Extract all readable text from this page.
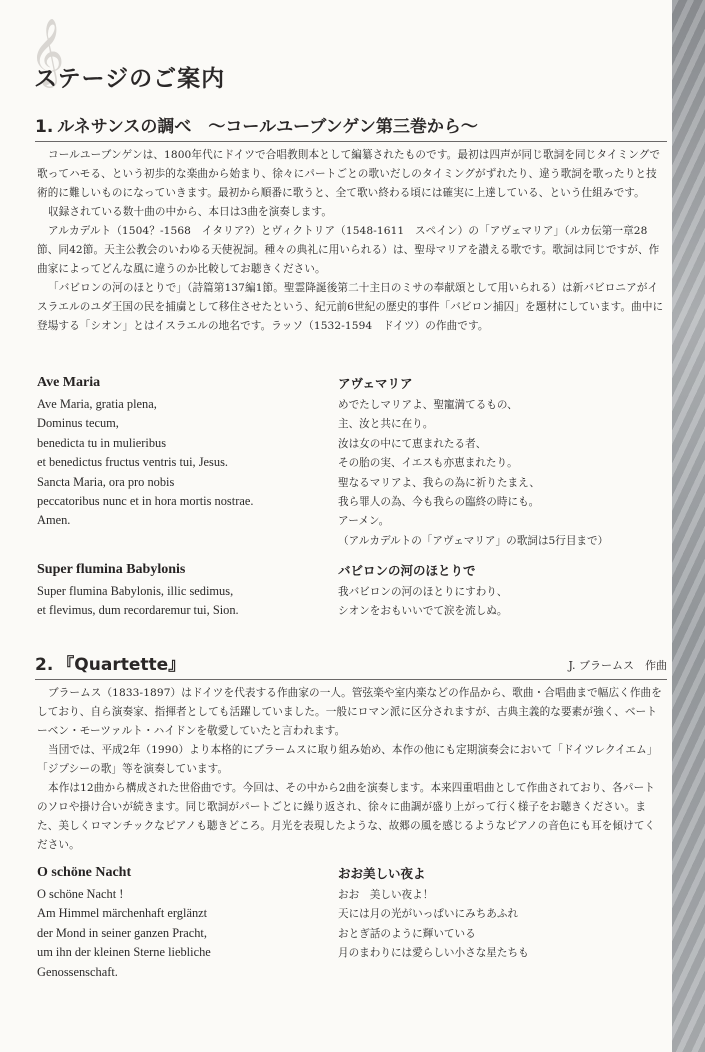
𝄞
ステージのご案内
1. ルネサンスの調べ　～コールユーブンゲン第三巻から～

コールユーブンゲンは、1800年代にドイツで合唱教則本として編纂されたものです。最初は四声が同じ歌詞を同じタイミングで歌ってハモる、という初歩的な楽曲から始まり、徐々にパートごとの歌いだしのタイミングがずれたり、違う歌詞を歌ったりと技術的に難しいものになっていきます。最初から順番に歌うと、全て歌い終わる頃には確実に上達している、という仕組みです。

収録されている数十曲の中から、本日は3曲を演奏します。

アルカデルト（1504？-1568　イタリア?）とヴィクトリア（1548-1611　スペイン）の「アヴェマリア」（ルカ伝第一章28節、同42節。天主公教会のいわゆる天使祝詞。種々の典礼に用いられる）は、聖母マリアを讃える歌です。歌詞は同じですが、作曲家によってどんな風に違うのか比較してお聴きください。

「バビロンの河のほとりで」（詩篇第137編1節。聖霊降誕後第二十主日のミサの奉献頌として用いられる）は新バビロニアがイスラエルのユダ王国の民を捕虜として移住させたという、紀元前6世紀の歴史的事件「バビロン捕囚」を題材にしています。曲中に登場する「シオン」とはイスラエルの地名です。ラッソ（1532-1594　ドイツ）の作曲です。

Ave Maria
Ave Maria, gratia plena,
Dominus tecum,
benedicta tu in mulieribus
et benedictus fructus ventris tui, Jesus.
Sancta Maria, ora pro nobis
peccatoribus nunc et in hora mortis nostrae.
Amen.
アヴェマリア
めでたしマリアよ、聖寵満てるもの、
主、汝と共に在り。
汝は女の中にて恵まれたる者、
その胎の実、イエスも亦恵まれたり。
聖なるマリアよ、我らの為に祈りたまえ、
我ら罪人の為、今も我らの臨終の時にも。
アーメン。
（アルカデルトの「アヴェマリア」の歌詞は5行目まで）
Super flumina Babylonis
Super flumina Babylonis, illic sedimus,
et flevimus, dum recordaremur tui, Sion.
バビロンの河のほとりで
我バビロンの河のほとりにすわり、
シオンをおもいいでて涙を流しぬ。
2. 『Quartette』	J. ブラームス　作曲

ブラームス（1833-1897）はドイツを代表する作曲家の一人。管弦楽や室内楽などの作品から、歌曲・合唱曲まで幅広く作曲をしており、自ら演奏家、指揮者としても活躍していました。一般にロマン派に区分されますが、古典主義的な要素が強く、ベートーベン・モーツァルト・ハイドンを敬愛していたと言われます。

当団では、平成2年（1990）より本格的にブラームスに取り組み始め、本作の他にも定期演奏会において「ドイツレクイエム」「ジプシーの歌」等を演奏しています。

本作は12曲から構成された世俗曲です。今回は、その中から2曲を演奏します。本来四重唱曲として作曲されており、各パートのソロや掛け合いが続きます。同じ歌詞がパートごとに繰り返され、徐々に曲調が盛り上がって行く様子をお聴きください。また、美しくロマンチックなピアノも聴きどころ。月光を表現したような、故郷の風を感じるようなピアノの音色にも耳を傾けてください。

O schöne Nacht
O schöne Nacht !
Am Himmel märchenhaft erglänzt
der Mond in seiner ganzen Pracht,
um ihn der kleinen Sterne liebliche
Genossenschaft.
おお美しい夜よ
おお　美しい夜よ！
天には月の光がいっぱいにみちあふれ
おとぎ話のように輝いている
月のまわりには愛らしい小さな星たちも
